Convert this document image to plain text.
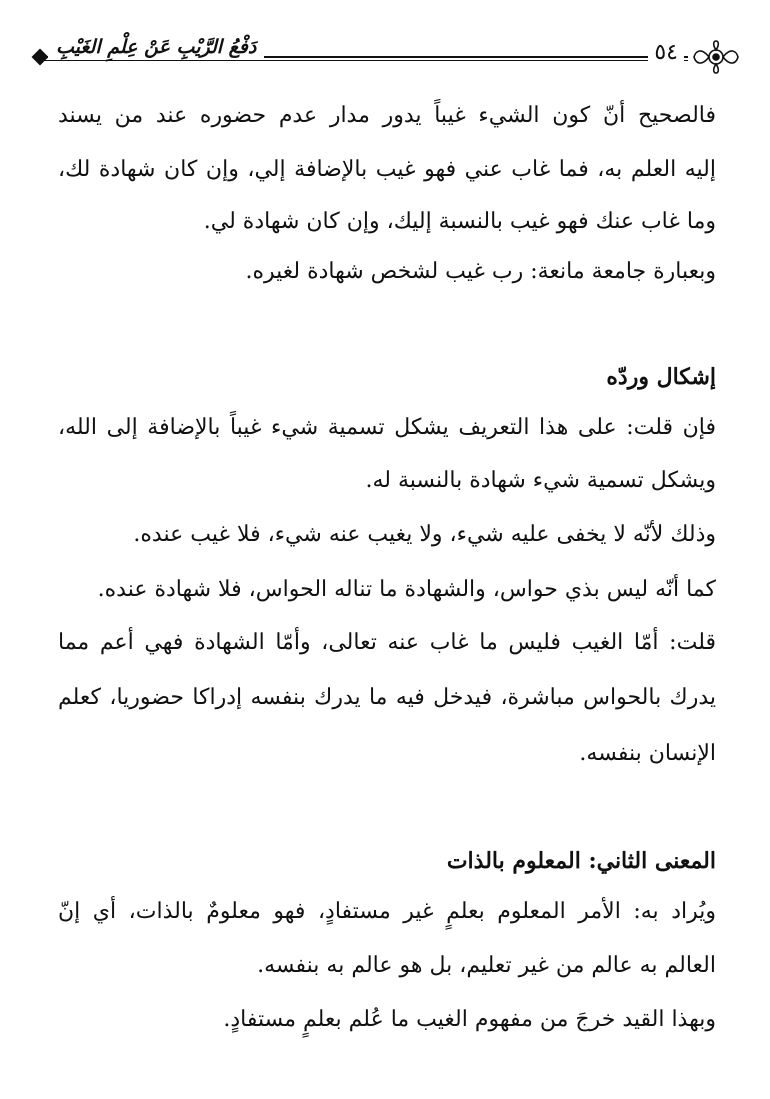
دَفْعُ الرَّيْبِ عَنْ عِلْمِ الغَيْبِ	٥٤
فالصحيح أنّ كون الشيء غيباً يدور مدار عدم حضوره عند من يسند
إليه العلم به، فما غاب عني فهو غيب بالإضافة إلي، وإن كان شهادة لك،
وما غاب عنك فهو غيب بالنسبة إليك، وإن كان شهادة لي.
وبعبارة جامعة مانعة: رب غيب لشخص شهادة لغيره.
إشكال وردّه
فإن قلت: على هذا التعريف يشكل تسمية شيء غيباً بالإضافة إلى الله،
ويشكل تسمية شيء شهادة بالنسبة له.
وذلك لأنّه لا يخفى عليه شيء، ولا يغيب عنه شيء، فلا غيب عنده.
كما أنّه ليس بذي حواس، والشهادة ما تناله الحواس، فلا شهادة عنده.
قلت: أمّا الغيب فليس ما غاب عنه تعالى، وأمّا الشهادة فهي أعم مما
يدرك بالحواس مباشرة، فيدخل فيه ما يدرك بنفسه إدراكا حضوريا، كعلم
الإنسان بنفسه.
المعنى الثاني: المعلوم بالذات
ويُراد به: الأمر المعلوم بعلمٍ غير مستفادٍ، فهو معلومٌ بالذات، أي إنّ
العالم به عالم من غير تعليم، بل هو عالم به بنفسه.
وبهذا القيد خرجَ من مفهوم الغيب ما عُلم بعلمٍ مستفادٍ.
